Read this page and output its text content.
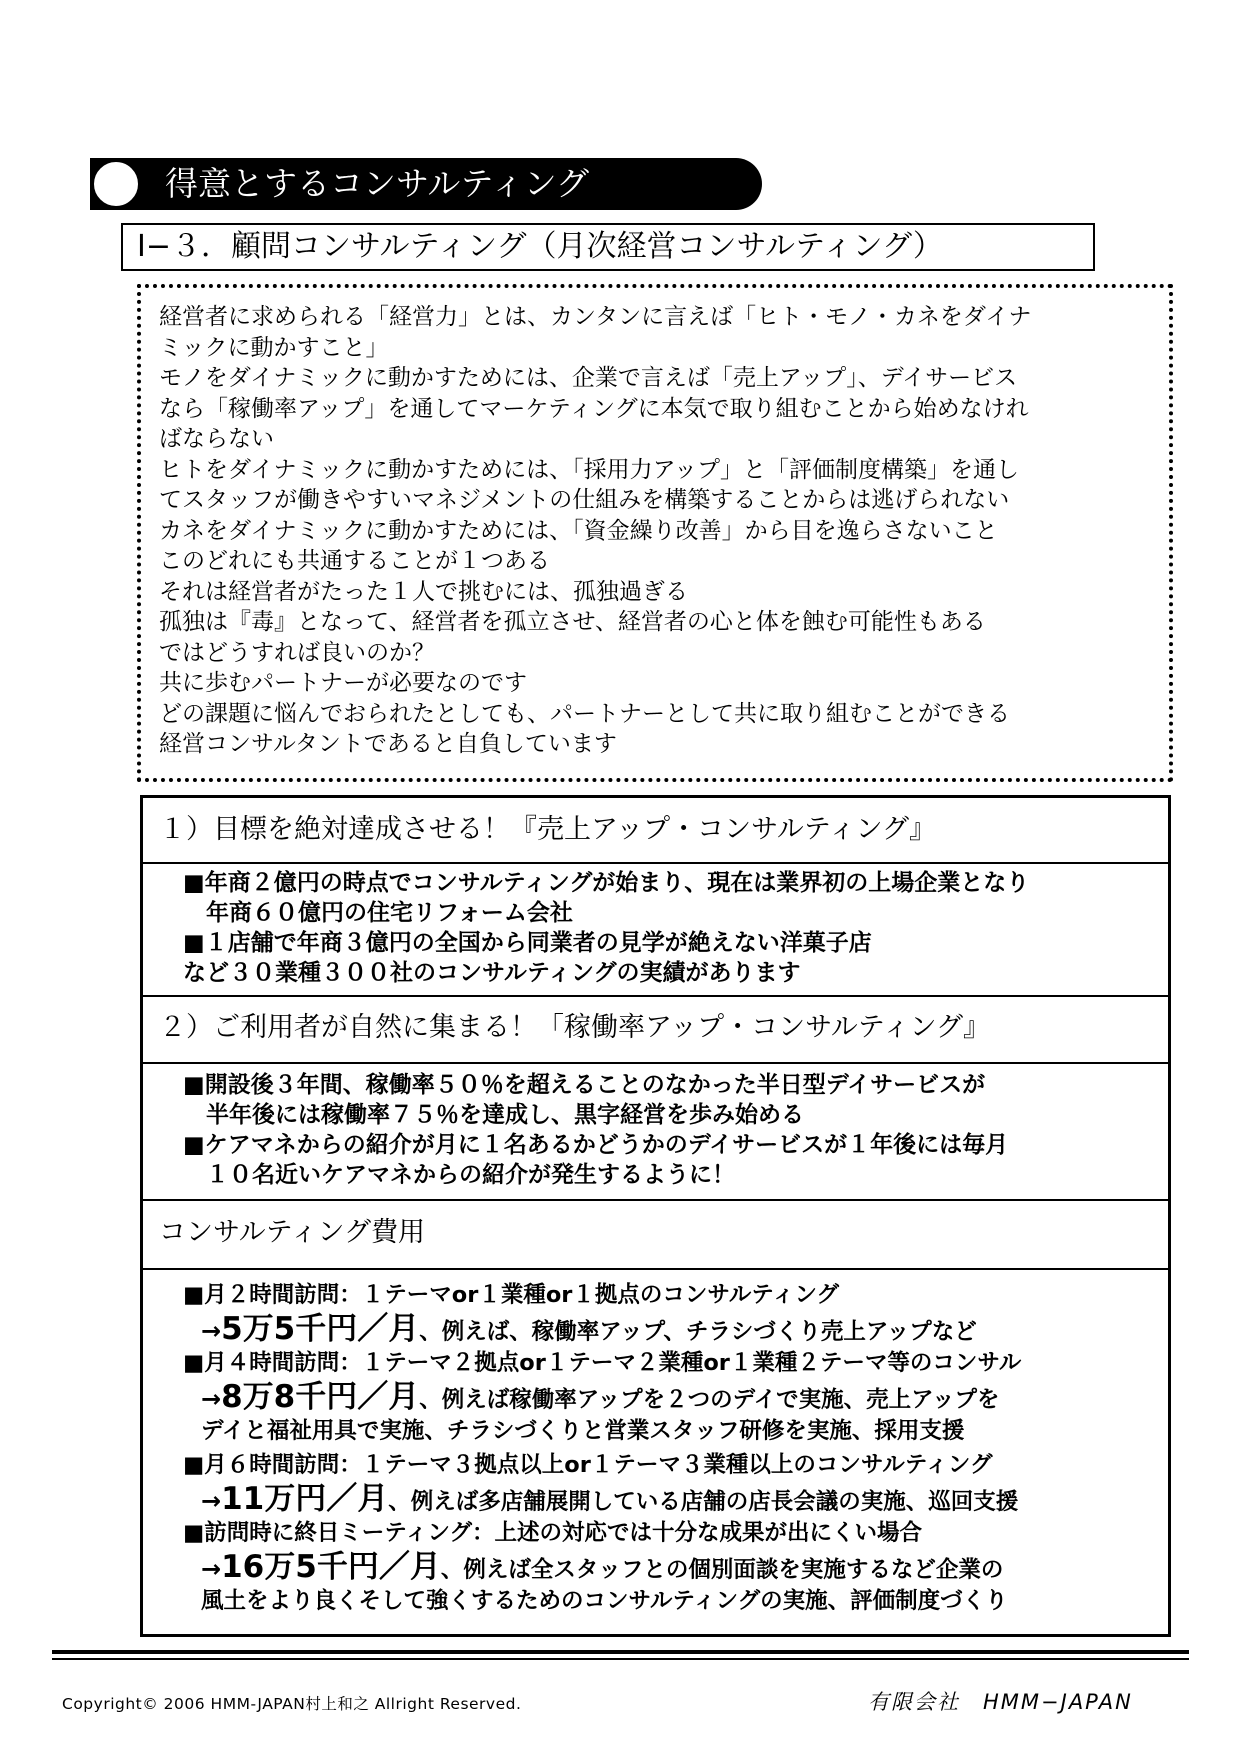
得意とするコンサルティング
Ⅰ−３．顧問コンサルティング（月次経営コンサルティング）
経営者に求められる「経営力」とは、カンタンに言えば「ヒト・モノ・カネをダイナ
ミックに動かすこと」
モノをダイナミックに動かすためには、企業で言えば「売上アップ」、デイサービス
なら「稼働率アップ」を通してマーケティングに本気で取り組むことから始めなけれ
ばならない
ヒトをダイナミックに動かすためには、「採用力アップ」と「評価制度構築」を通し
てスタッフが働きやすいマネジメントの仕組みを構築することからは逃げられない
カネをダイナミックに動かすためには、「資金繰り改善」から目を逸らさないこと
このどれにも共通することが１つある
それは経営者がたった１人で挑むには、孤独過ぎる
孤独は『毒』となって、経営者を孤立させ、経営者の心と体を蝕む可能性もある
ではどうすれば良いのか？
共に歩むパートナーが必要なのです
どの課題に悩んでおられたとしても、パートナーとして共に取り組むことができる
経営コンサルタントであると自負しています
１）目標を絶対達成させる！『売上アップ・コンサルティング』
■年商２億円の時点でコンサルティングが始まり、現在は業界初の上場企業となり
　年商６０億円の住宅リフォーム会社
■１店舗で年商３億円の全国から同業者の見学が絶えない洋菓子店
など３０業種３００社のコンサルティングの実績があります
２）ご利用者が自然に集まる！「稼働率アップ・コンサルティング』
■開設後３年間、稼働率５０％を超えることのなかった半日型デイサービスが
　半年後には稼働率７５％を達成し、黒字経営を歩み始める
■ケアマネからの紹介が月に１名あるかどうかのデイサービスが１年後には毎月
　１０名近いケアマネからの紹介が発生するように！
コンサルティング費用
■月２時間訪問：１テーマor１業種or１拠点のコンサルティング
→5万5千円／月、例えば、稼働率アップ、チラシづくり売上アップなど
■月４時間訪問：１テーマ２拠点or１テーマ２業種or１業種２テーマ等のコンサル
→8万8千円／月、例えば稼働率アップを２つのデイで実施、売上アップを
デイと福祉用具で実施、チラシづくりと営業スタッフ研修を実施、採用支援
■月６時間訪問：１テーマ３拠点以上or１テーマ３業種以上のコンサルティング
→11万円／月、例えば多店舗展開している店舗の店長会議の実施、巡回支援
■訪問時に終日ミーティング：上述の対応では十分な成果が出にくい場合
→16万5千円／月、例えば全スタッフとの個別面談を実施するなど企業の
風土をより良くそして強くするためのコンサルティングの実施、評価制度づくり
Copyright© 2006 HMM-JAPAN村上和之 Allright Reserved.	有限会社　HMM−JAPAN
